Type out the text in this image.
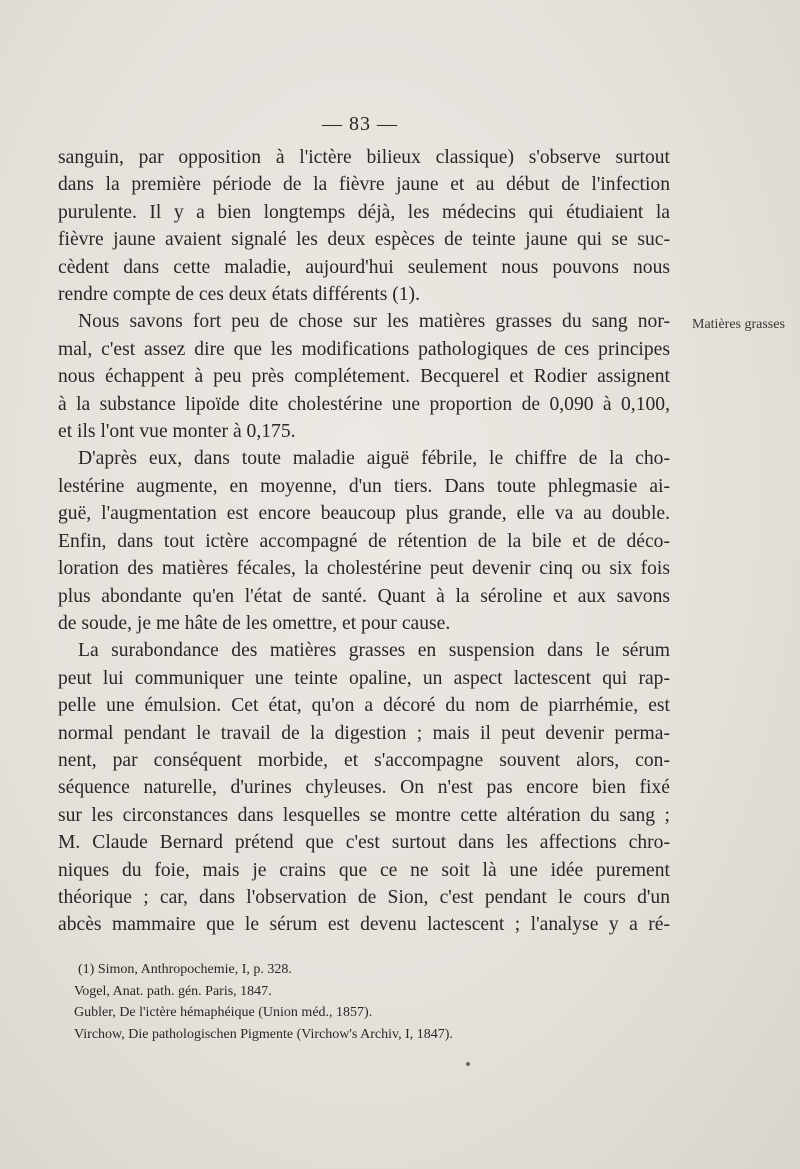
— 83 —
Matières grasses
sanguin, par opposition à l'ictère bilieux classique) s'observe surtout
dans la première période de la fièvre jaune et au début de l'infection
purulente. Il y a bien longtemps déjà, les médecins qui étudiaient la
fièvre jaune avaient signalé les deux espèces de teinte jaune qui se suc-
cèdent dans cette maladie, aujourd'hui seulement nous pouvons nous
rendre compte de ces deux états différents (1).
Nous savons fort peu de chose sur les matières grasses du sang nor-
mal, c'est assez dire que les modifications pathologiques de ces principes
nous échappent à peu près complétement. Becquerel et Rodier assignent
à la substance lipoïde dite cholestérine une proportion de 0,090 à 0,100,
et ils l'ont vue monter à 0,175.
D'après eux, dans toute maladie aiguë fébrile, le chiffre de la cho-
lestérine augmente, en moyenne, d'un tiers. Dans toute phlegmasie ai-
guë, l'augmentation est encore beaucoup plus grande, elle va au double.
Enfin, dans tout ictère accompagné de rétention de la bile et de déco-
loration des matières fécales, la cholestérine peut devenir cinq ou six fois
plus abondante qu'en l'état de santé. Quant à la séroline et aux savons
de soude, je me hâte de les omettre, et pour cause.
La surabondance des matières grasses en suspension dans le sérum
peut lui communiquer une teinte opaline, un aspect lactescent qui rap-
pelle une émulsion. Cet état, qu'on a décoré du nom de piarrhémie, est
normal pendant le travail de la digestion ; mais il peut devenir perma-
nent, par conséquent morbide, et s'accompagne souvent alors, con-
séquence naturelle, d'urines chyleuses. On n'est pas encore bien fixé
sur les circonstances dans lesquelles se montre cette altération du sang ;
M. Claude Bernard prétend que c'est surtout dans les affections chro-
niques du foie, mais je crains que ce ne soit là une idée purement
théorique ; car, dans l'observation de Sion, c'est pendant le cours d'un
abcès mammaire que le sérum est devenu lactescent ; l'analyse y a ré-
(1) Simon, Anthropochemie, I, p. 328.
Vogel, Anat. path. gén. Paris, 1847.
Gubler, De l'ictère hémaphéique (Union méd., 1857).
Virchow, Die pathologischen Pigmente (Virchow's Archiv, I, 1847).
